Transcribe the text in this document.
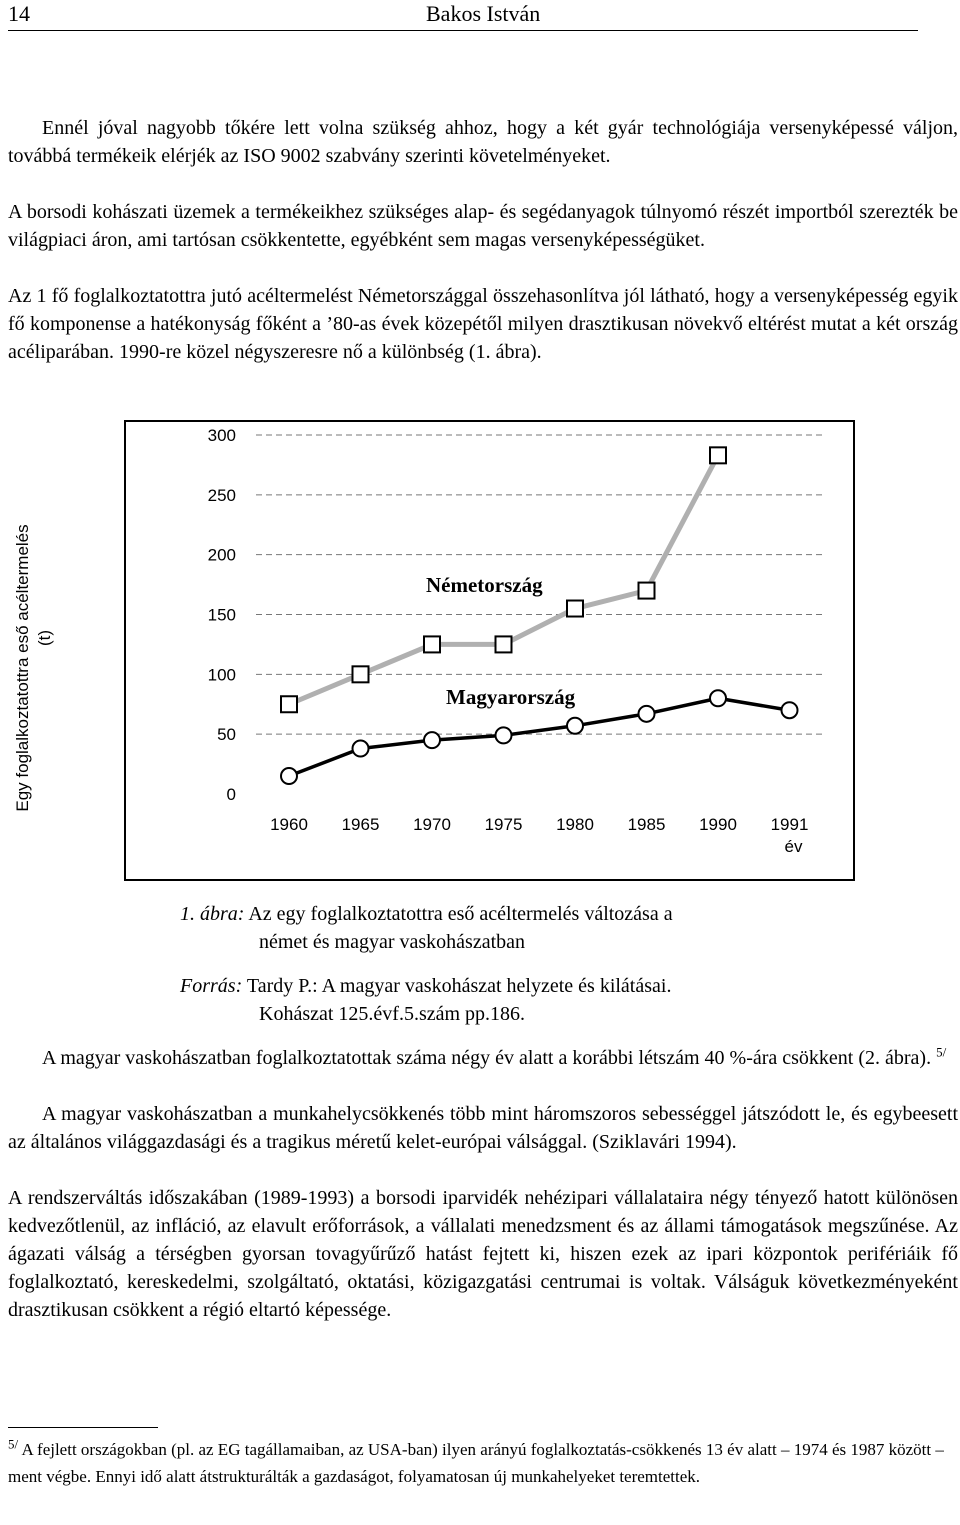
14	Bakos István

Ennél jóval nagyobb tőkére lett volna szükség ahhoz, hogy a két gyár technológiája versenyképessé váljon, továbbá termékeik elérjék az ISO 9002 szabvány szerinti követelményeket.

A borsodi kohászati üzemek a termékeikhez szükséges alap- és segédanyagok túlnyomó részét importból szerezték be világpiaci áron, ami tartósan csökkentette, egyébként sem magas versenyképességüket.

Az 1 fő foglalkoztatottra jutó acéltermelést Németországgal összehasonlítva jól látható, hogy a versenyképesség egyik fő komponense a hatékonyság főként a ’80-as évek közepétől milyen drasztikusan növekvő eltérést mutat a két ország acéliparában. 1990-re közel négyszeresre nő a különbség (1. ábra).

Egy foglalkoztatottra eső acéltermelés (t)
0
50
100
150
200
250
300
1960 1965 1970 1975 1980 1985 1990 1991
év
Németország
Magyarország
1. ábra: Az egy foglalkoztatottra eső acéltermelés változása a
német és magyar vaskohászatban
Forrás: Tardy P.: A magyar vaskohászat helyzete és kilátásai.
Kohászat 125.évf.5.szám pp.186.

A magyar vaskohászatban foglalkoztatottak száma négy év alatt a korábbi létszám 40 %-ára csökkent (2. ábra). $^{5/}$

A magyar vaskohászatban a munkahelycsökkenés több mint háromszoros sebességgel játszódott le, és egybeesett az általános világgazdasági és a tragikus méretű kelet-európai válsággal. (Sziklavári 1994).

A rendszerváltás időszakában (1989-1993) a borsodi iparvidék nehézipari vállalataira négy tényező hatott különösen kedvezőtlenül, az infláció, az elavult erőforrások, a vállalati menedzsment és az állami támogatások megszűnése. Az ágazati válság a térségben gyorsan tovagyűrűző hatást fejtett ki, hiszen ezek az ipari központok perifériáik fő foglalkoztató, kereskedelmi, szolgáltató, oktatási, közigazgatási centrumai is voltak. Válságuk következményeként drasztikusan csökkent a régió eltartó képessége.

$^{5/}$ A fejlett országokban (pl. az EG tagállamaiban, az USA-ban) ilyen arányú foglalkoztatás-csökkenés 13 év alatt – 1974 és 1987 között – ment végbe. Ennyi idő alatt átstrukturálták a gazdaságot, folyamatosan új munkahelyeket teremtettek.
